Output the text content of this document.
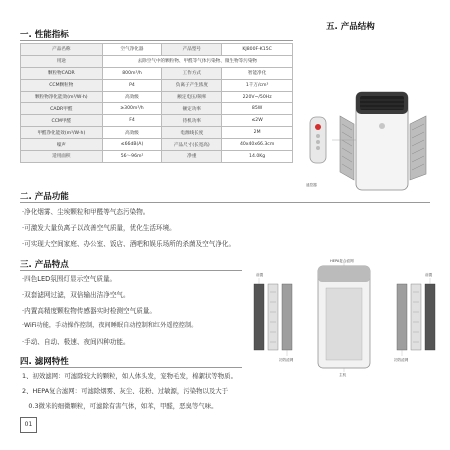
一. 性能指标
产品名称	空气净化器	产品型号	KJ800F-K15C
用途	去除空气中的颗粒物、甲醛等气体污染物、微生物等污染物		
颗粒物CADR	800m³/h	工作方式	智能净化
CCM颗粒物	P4	负离子产生浓度	1千万/cm³
颗粒物净化能效(m³/W·h)	高效级	额定电压/频率	220V~/50Hz
CADR甲醛	≥300m³/h	额定功率	85W
CCM甲醛	F4	待机功率	≤2W
甲醛净化能效(m³/W·h)	高效级	电源线长度	2M
噪声	≤66dB(A)	产品尺寸(长宽高)	40x40x66.3cm
适用面积	56～96m²	净重	14.0Kg
五. 产品结构
遥控器
二. 产品功能
·净化烟雾、尘埃颗粒和甲醛等气态污染物。
·可激发大量负离子以改善空气质量，优化生活环境。
·可实现大空间家庭、办公室、饭店、酒吧和娱乐场所的杀菌及空气净化。
三. 产品特点
·四色LED氛围灯显示空气质量。
·双套滤网过滤，双倍输出洁净空气。
·内置高精度颗粒物传感器实时检测空气质量。
·WiFi功能，手动操作控制，夜间睡眠自动控制和红外遥控控制。
·手动、自动、极速、夜间四种功能。
前置
HEPA复合滤网
前置
初效滤网	初效滤网
主机
四. 滤网特性
1、初效滤网：可滤除较大的颗粒，如人体头发，宠物毛发，棉絮状等物质。
2、HEPA复合滤网：可滤除烟雾、灰尘、花粉、过敏源，污染物以及大于
　0.3微米的细微颗粒，可滤除有害气体，如苯，甲醛，恶臭等气味。
01
